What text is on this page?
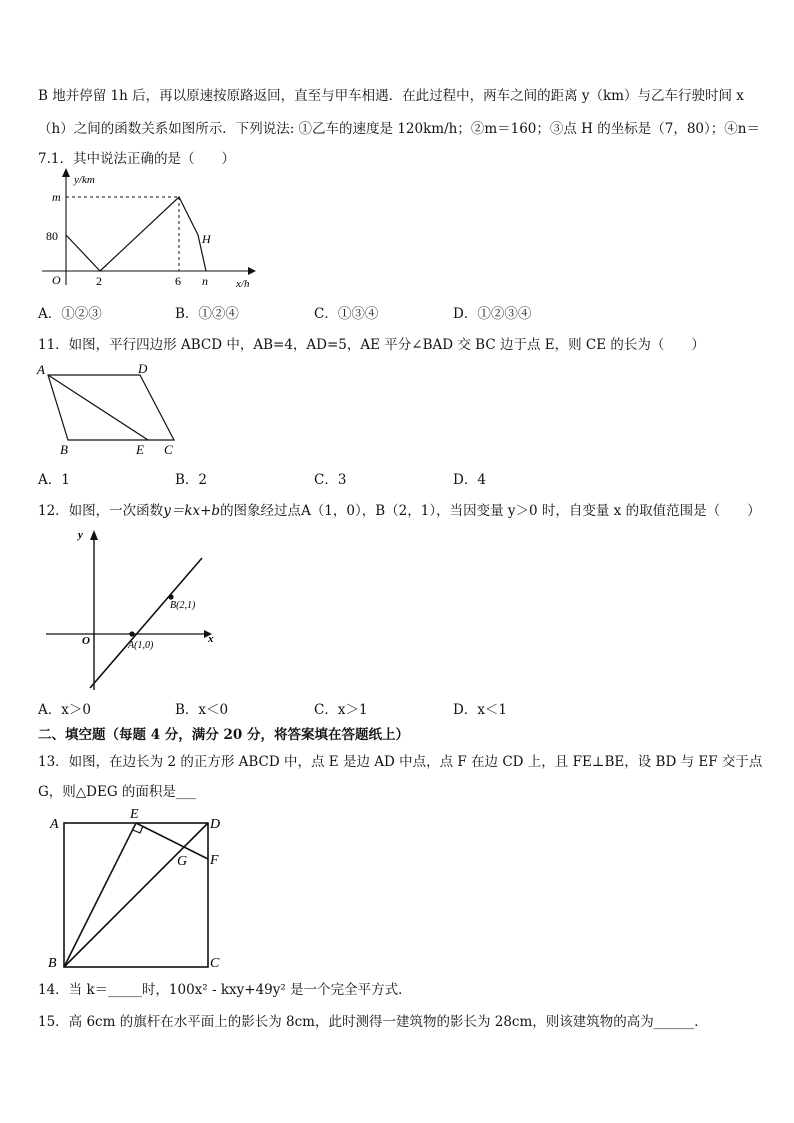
B 地并停留 1h 后，再以原速按原路返回，直至与甲车相遇．在此过程中，两车之间的距离 y（km）与乙车行驶时间 x
（h）之间的函数关系如图所示．下列说法: ①乙车的速度是 120km/h；②m＝160；③点 H 的坐标是（7，80）；④n＝
7.1．其中说法正确的是（　　）
y/km
x/h
m
80
O	2	6 n
H
A．①②③	B．①②④	C．①③④	D．①②③④
11．如图，平行四边形 ABCD 中，AB=4，AD=5，AE 平分∠BAD 交 BC 边于点 E，则 CE 的长为（　　）
A	D
B	E C
A．1	B．2	C．3	D．4
12．如图，一次函数y＝kx+b的图象经过点A（1，0），B（2，1），当因变量 y＞0 时，自变量 x 的取值范围是（　　）
y
x
O	A(1,0)
B(2,1)
A．x＞0	B．x＜0	C．x＞1	D．x＜1
二、填空题（每题 4 分，满分 20 分，将答案填在答题纸上）
13．如图，在边长为 2 的正方形 ABCD 中，点 E 是边 AD 中点，点 F 在边 CD 上，且 FE⊥BE，设 BD 与 EF 交于点
G，则△DEG 的面积是___
A
E
D
F
G
B	C
14．当 k＝_____时，100x² - kxy+49y² 是一个完全平方式．
15．高 6cm 的旗杆在水平面上的影长为 8cm，此时测得一建筑物的影长为 28cm，则该建筑物的高为______．
